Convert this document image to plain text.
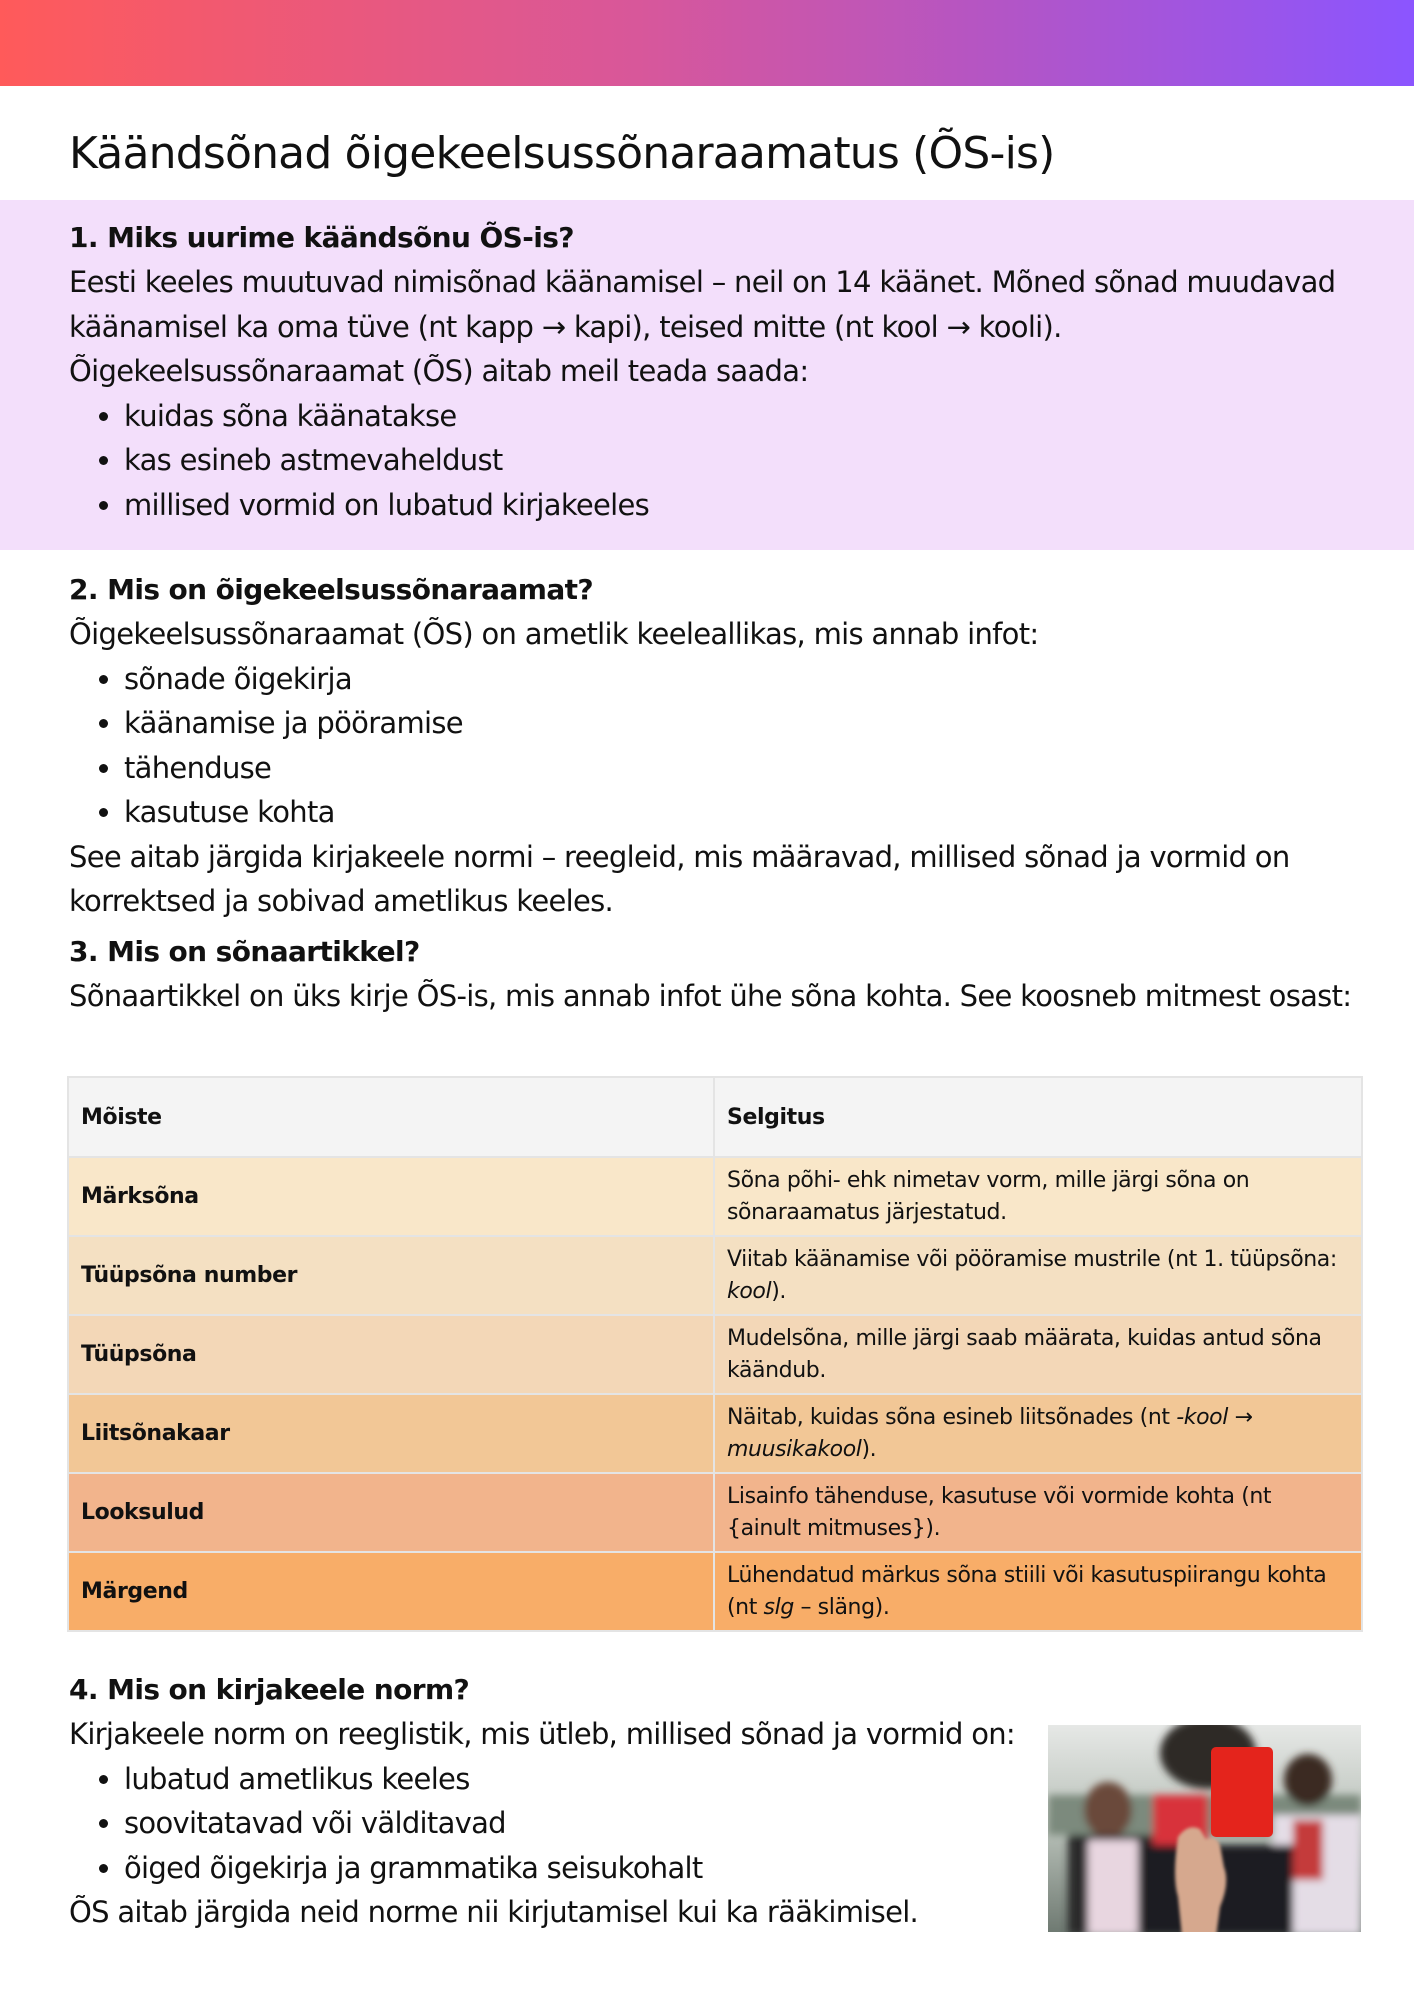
Käändsõnad õigekeelsussõnaraamatus (ÕS-is)
1. Miks uurime käändsõnu ÕS-is?

Eesti keeles muutuvad nimisõnad käänamisel – neil on 14 käänet. Mõned sõnad muudavad käänamisel ka oma tüve (nt kapp → kapi), teised mitte (nt kool → kooli). Õigekeelsussõnaraamat (ÕS) aitab meil teada saada:

• kuidas sõna käänatakse
• kas esineb astmevaheldust
• millised vormid on lubatud kirjakeeles
2. Mis on õigekeelsussõnaraamat?

Õigekeelsussõnaraamat (ÕS) on ametlik keeleallikas, mis annab infot:

• sõnade õigekirja
• käänamise ja pööramise
• tähenduse
• kasutuse kohta

See aitab järgida kirjakeele normi – reegleid, mis määravad, millised sõnad ja vormid on korrektsed ja sobivad ametlikus keeles.

3. Mis on sõnaartikkel?

Sõnaartikkel on üks kirje ÕS-is, mis annab infot ühe sõna kohta. See koosneb mitmest osast:

Mõiste	Selgitus
Märksõna	Sõna põhi- ehk nimetav vorm, mille järgi sõna on sõnaraamatus järjestatud.
Tüüpsõna number	Viitab käänamise või pööramise mustrile (nt 1. tüüpsõna: kool).
Tüüpsõna	Mudelsõna, mille järgi saab määrata, kuidas antud sõna käändub.
Liitsõnakaar	Näitab, kuidas sõna esineb liitsõnades (nt -kool → muusikakool).
Looksulud	Lisainfo tähenduse, kasutuse või vormide kohta (nt {ainult mitmuses}).
Märgend	Lühendatud märkus sõna stiili või kasutuspiirangu kohta (nt slg – släng).
4. Mis on kirjakeele norm?

Kirjakeele norm on reeglistik, mis ütleb, millised sõnad ja vormid on:

• lubatud ametlikus keeles
• soovitatavad või välditavad
• õiged õigekirja ja grammatika seisukohalt

ÕS aitab järgida neid norme nii kirjutamisel kui ka rääkimisel.
